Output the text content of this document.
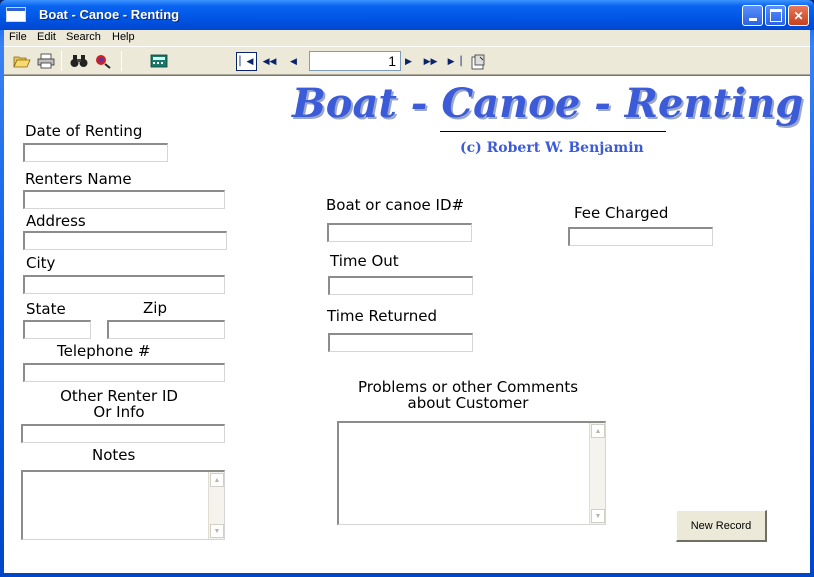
Boat - Canoe - Renting	✕
File Edit Search Help
▏◀	◀◀	◀	1	▶	▶▶	▶▕
Boat - Canoe - Renting
(c) Robert W. Benjamin
Date of Renting
Renters Name
Address
City
State	Zip
Telephone #
Other Renter ID
Or Info
Notes
▲
▼
Boat or canoe ID#
Time Out
Time Returned
Problems or other Comments
about Customer
▲
▼
Fee Charged
New Record
